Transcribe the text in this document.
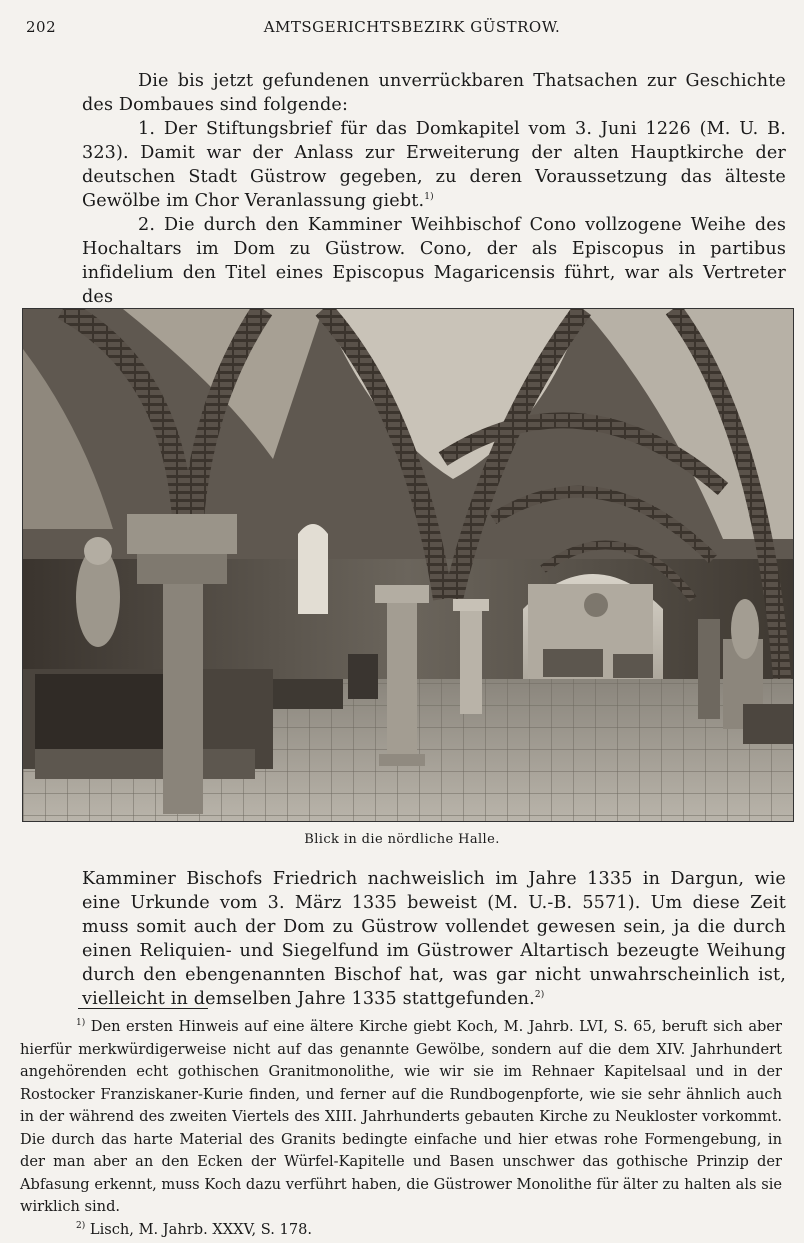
202	AMTSGERICHTSBEZIRK GÜSTROW.

Die bis jetzt gefundenen unverrückbaren Thatsachen zur Geschichte des Dombaues sind folgende:

1. Der Stiftungsbrief für das Domkapitel vom 3. Juni 1226 (M. U. B. 323). Damit war der Anlass zur Erweiterung der alten Hauptkirche der deutschen Stadt Güstrow gegeben, zu deren Voraussetzung das älteste Gewölbe im Chor Veranlassung giebt.$^{1)}$

2. Die durch den Kamminer Weihbischof Cono vollzogene Weihe des Hochaltars im Dom zu Güstrow. Cono, der als Episcopus in partibus infidelium den Titel eines Episcopus Magaricensis führt, war als Vertreter des

Blick in die nördliche Halle.

Kamminer Bischofs Friedrich nachweislich im Jahre 1335 in Dargun, wie eine Urkunde vom 3. März 1335 beweist (M. U.-B. 5571). Um diese Zeit muss somit auch der Dom zu Güstrow vollendet gewesen sein, ja die durch einen Reliquien- und Siegelfund im Güstrower Altartisch bezeugte Weihung durch den ebengenannten Bischof hat, was gar nicht unwahrscheinlich ist, vielleicht in demselben Jahre 1335 stattgefunden.$^{2)}$

$^{1)}$ Den ersten Hinweis auf eine ältere Kirche giebt Koch, M. Jahrb. LVI, S. 65, beruft sich aber hierfür merkwürdigerweise nicht auf das genannte Gewölbe, sondern auf die dem XIV. Jahrhundert angehörenden echt gothischen Granitmonolithe, wie wir sie im Rehnaer Kapitelsaal und in der Rostocker Franziskaner-Kurie finden, und ferner auf die Rundbogenpforte, wie sie sehr ähnlich auch in der während des zweiten Viertels des XIII. Jahrhunderts gebauten Kirche zu Neukloster vorkommt. Die durch das harte Material des Granits bedingte einfache und hier etwas rohe Formengebung, in der man aber an den Ecken der Würfel-Kapitelle und Basen unschwer das gothische Prinzip der Abfasung erkennt, muss Koch dazu verführt haben, die Güstrower Monolithe für älter zu halten als sie wirklich sind.

$^{2)}$ Lisch, M. Jahrb. XXXV, S. 178.
